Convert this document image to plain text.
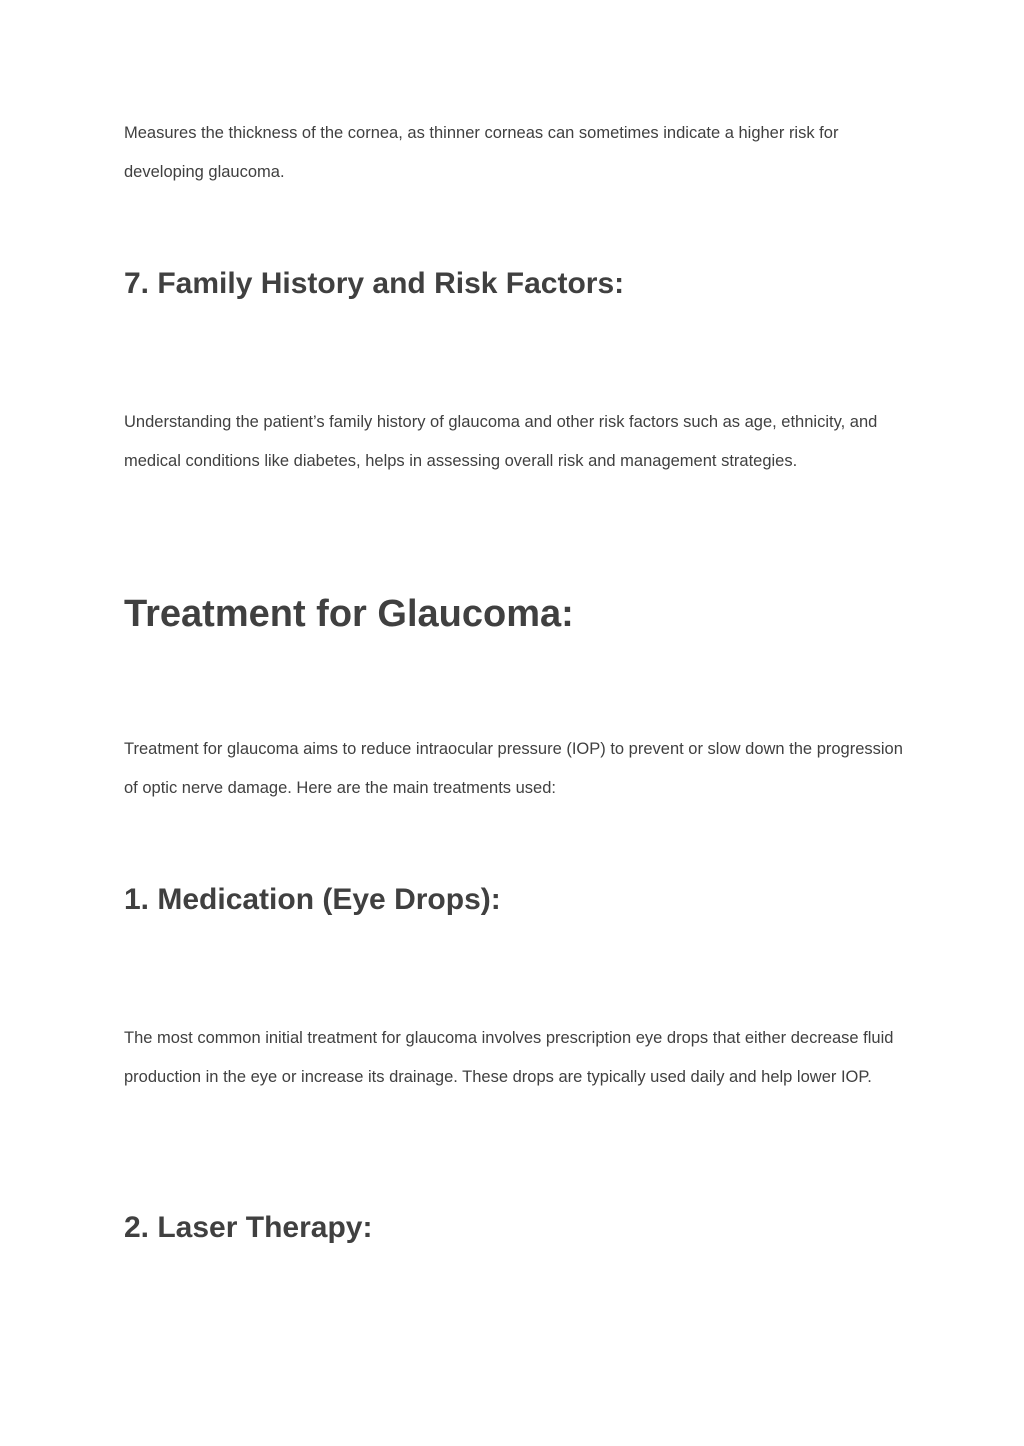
Measures the thickness of the cornea, as thinner corneas can sometimes indicate a higher risk for developing glaucoma.

7. Family History and Risk Factors:

Understanding the patient’s family history of glaucoma and other risk factors such as age, ethnicity, and medical conditions like diabetes, helps in assessing overall risk and management strategies.

Treatment for Glaucoma:

Treatment for glaucoma aims to reduce intraocular pressure (IOP) to prevent or slow down the progression of optic nerve damage. Here are the main treatments used:

1. Medication (Eye Drops):

The most common initial treatment for glaucoma involves prescription eye drops that either decrease fluid production in the eye or increase its drainage. These drops are typically used daily and help lower IOP.

2. Laser Therapy:
